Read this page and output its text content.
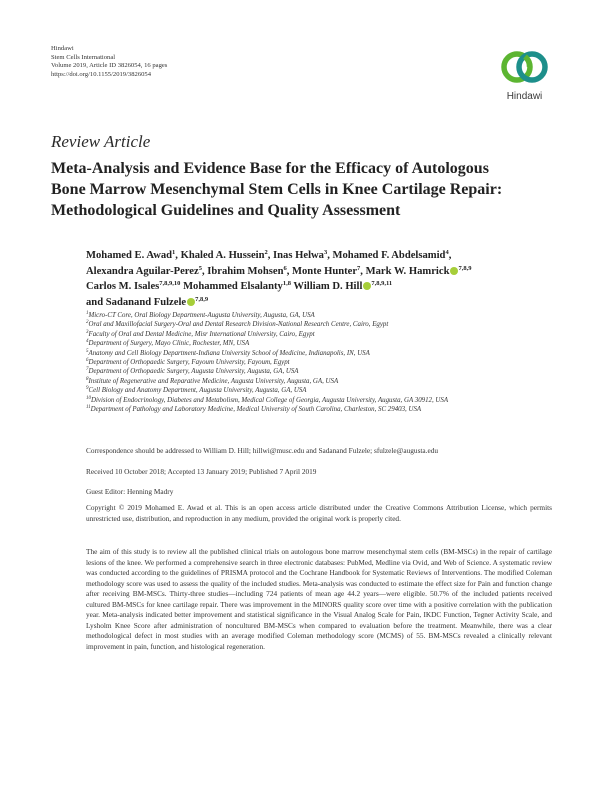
Hindawi
Stem Cells International
Volume 2019, Article ID 3826054, 16 pages
https://doi.org/10.1155/2019/3826054
Hindawi
Review Article
Meta-Analysis and Evidence Base for the Efficacy of Autologous
Bone Marrow Mesenchymal Stem Cells in Knee Cartilage Repair:
Methodological Guidelines and Quality Assessment
Mohamed E. Awad$^1$, Khaled A. Hussein$^2$, Inas Helwa$^3$, Mohamed F. Abdelsamid$^4$,
Alexandra Aguilar-Perez$^5$, Ibrahim Mohsen$^6$, Monte Hunter$^7$, Mark W. Hamrick $^{7,8,9}$
Carlos M. Isales$^{7,8,9,10}$ Mohammed Elsalanty$^{1,8}$ William D. Hill $^{7,8,9,11}$
and Sadanand Fulzele $^{7,8,9}$
$^1$Micro-CT Core, Oral Biology Department-Augusta University, Augusta, GA, USA
$^2$Oral and Maxillofacial Surgery-Oral and Dental Research Division-National Research Centre, Cairo, Egypt
$^3$Faculty of Oral and Dental Medicine, Misr International University, Cairo, Egypt
$^4$Department of Surgery, Mayo Clinic, Rochester, MN, USA
$^5$Anatomy and Cell Biology Department-Indiana University School of Medicine, Indianapolis, IN, USA
$^6$Department of Orthopaedic Surgery, Fayoum University, Fayoum, Egypt
$^7$Department of Orthopaedic Surgery, Augusta University, Augusta, GA, USA
$^8$Institute of Regenerative and Reparative Medicine, Augusta University, Augusta, GA, USA
$^9$Cell Biology and Anatomy Department, Augusta University, Augusta, GA, USA
$^{10}$Division of Endocrinology, Diabetes and Metabolism, Medical College of Georgia, Augusta University, Augusta, GA 30912, USA
$^{11}$Department of Pathology and Laboratory Medicine, Medical University of South Carolina, Charleston, SC 29403, USA
Correspondence should be addressed to William D. Hill; hillwi@musc.edu and Sadanand Fulzele; sfulzele@augusta.edu
Received 10 October 2018; Accepted 13 January 2019; Published 7 April 2019
Guest Editor: Henning Madry
Copyright © 2019 Mohamed E. Awad et al. This is an open access article distributed under the Creative Commons Attribution License, which permits unrestricted use, distribution, and reproduction in any medium, provided the original work is properly cited.
The aim of this study is to review all the published clinical trials on autologous bone marrow mesenchymal stem cells (BM-MSCs) in the repair of cartilage lesions of the knee. We performed a comprehensive search in three electronic databases: PubMed, Medline via Ovid, and Web of Science. A systematic review was conducted according to the guidelines of PRISMA protocol and the Cochrane Handbook for Systematic Reviews of Interventions. The modified Coleman methodology score was used to assess the quality of the included studies. Meta-analysis was conducted to estimate the effect size for Pain and function change after receiving BM-MSCs. Thirty-three studies—including 724 patients of mean age 44.2 years—were eligible. 50.7% of the included patients received cultured BM-MSCs for knee cartilage repair. There was improvement in the MINORS quality score over time with a positive correlation with the publication year. Meta-analysis indicated better improvement and statistical significance in the Visual Analog Scale for Pain, IKDC Function, Tegner Activity Scale, and Lysholm Knee Score after administration of noncultured BM-MSCs when compared to evaluation before the treatment. Meanwhile, there was a clear methodological defect in most studies with an average modified Coleman methodology score (MCMS) of 55. BM-MSCs revealed a clinically relevant improvement in pain, function, and histological regeneration.
